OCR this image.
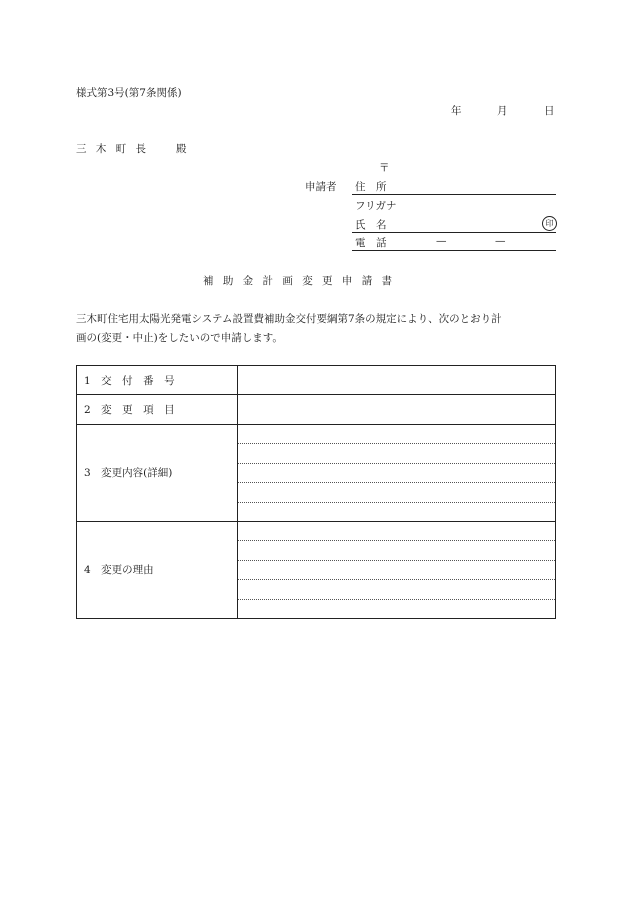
様式第3号(第7条関係)
年	月	日
三 木 町 長　　殿
〒
申請者 住　所
フリガナ
氏　名	印
電　話	—	—
補 助 金 計 画 変 更 申 請 書
三木町住宅用太陽光発電システム設置費補助金交付要綱第7条の規定により、次のとおり計
画の(変更・中止)をしたいので申請します。
1　交　付　番　号	
2　変　更　項　目	
3　変更内容(詳細)	

4　変更の理由	
